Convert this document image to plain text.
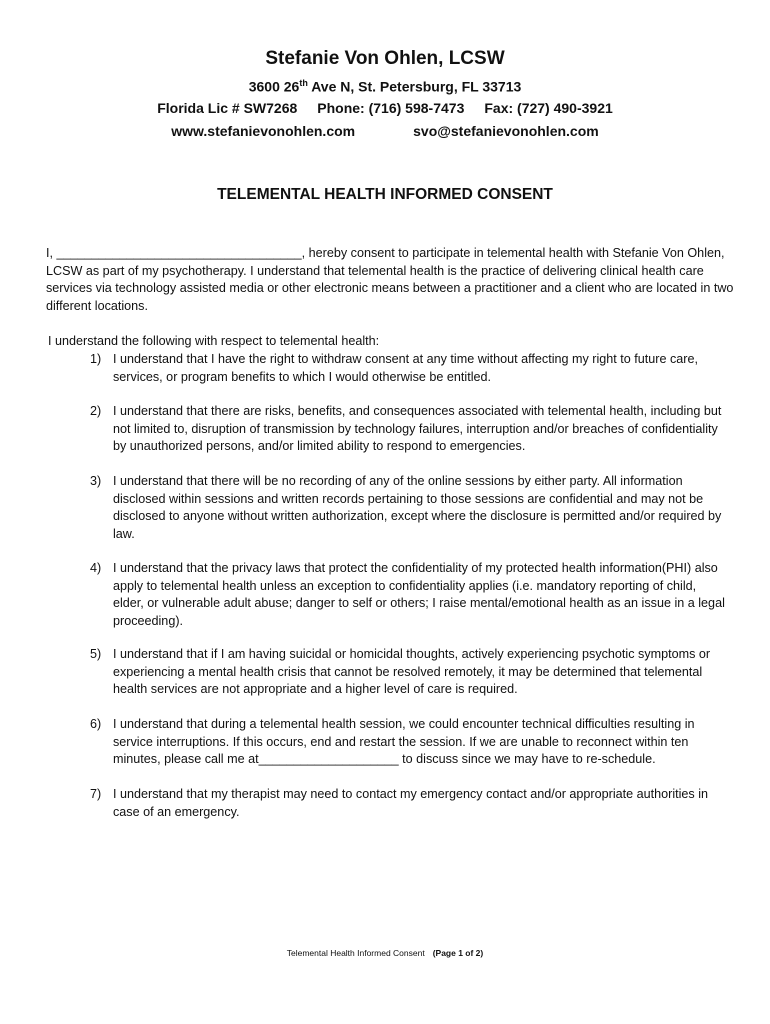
Stefanie Von Ohlen, LCSW
3600 26th Ave N, St. Petersburg, FL 33713
Florida Lic # SW7268 Phone: (716) 598-7473 Fax: (727) 490-3921
www.stefanievonohlen.com	svo@stefanievonohlen.com
TELEMENTAL HEALTH INFORMED CONSENT
I, ___________________________________, hereby consent to participate in telemental health with Stefanie Von Ohlen, LCSW as part of my psychotherapy. I understand that telemental health is the practice of delivering clinical health care services via technology assisted media or other electronic means between a practitioner and a client who are located in two different locations.
I understand the following with respect to telemental health:
1) I understand that I have the right to withdraw consent at any time without affecting my right to future care, services, or program benefits to which I would otherwise be entitled.
2) I understand that there are risks, benefits, and consequences associated with telemental health, including but not limited to, disruption of transmission by technology failures, interruption and/or breaches of confidentiality by unauthorized persons, and/or limited ability to respond to emergencies.
3) I understand that there will be no recording of any of the online sessions by either party. All information disclosed within sessions and written records pertaining to those sessions are confidential and may not be disclosed to anyone without written authorization, except where the disclosure is permitted and/or required by law.
4) I understand that the privacy laws that protect the confidentiality of my protected health information(PHI) also apply to telemental health unless an exception to confidentiality applies (i.e. mandatory reporting of child, elder, or vulnerable adult abuse; danger to self or others; I raise mental/emotional health as an issue in a legal proceeding).
5) I understand that if I am having suicidal or homicidal thoughts, actively experiencing psychotic symptoms or experiencing a mental health crisis that cannot be resolved remotely, it may be determined that telemental health services are not appropriate and a higher level of care is required.
6) I understand that during a telemental health session, we could encounter technical difficulties resulting in service interruptions. If this occurs, end and restart the session. If we are unable to reconnect within ten minutes, please call me at____________________ to discuss since we may have to re-schedule.
7) I understand that my therapist may need to contact my emergency contact and/or appropriate authorities in case of an emergency.
Telemental Health Informed Consent (Page 1 of 2)
